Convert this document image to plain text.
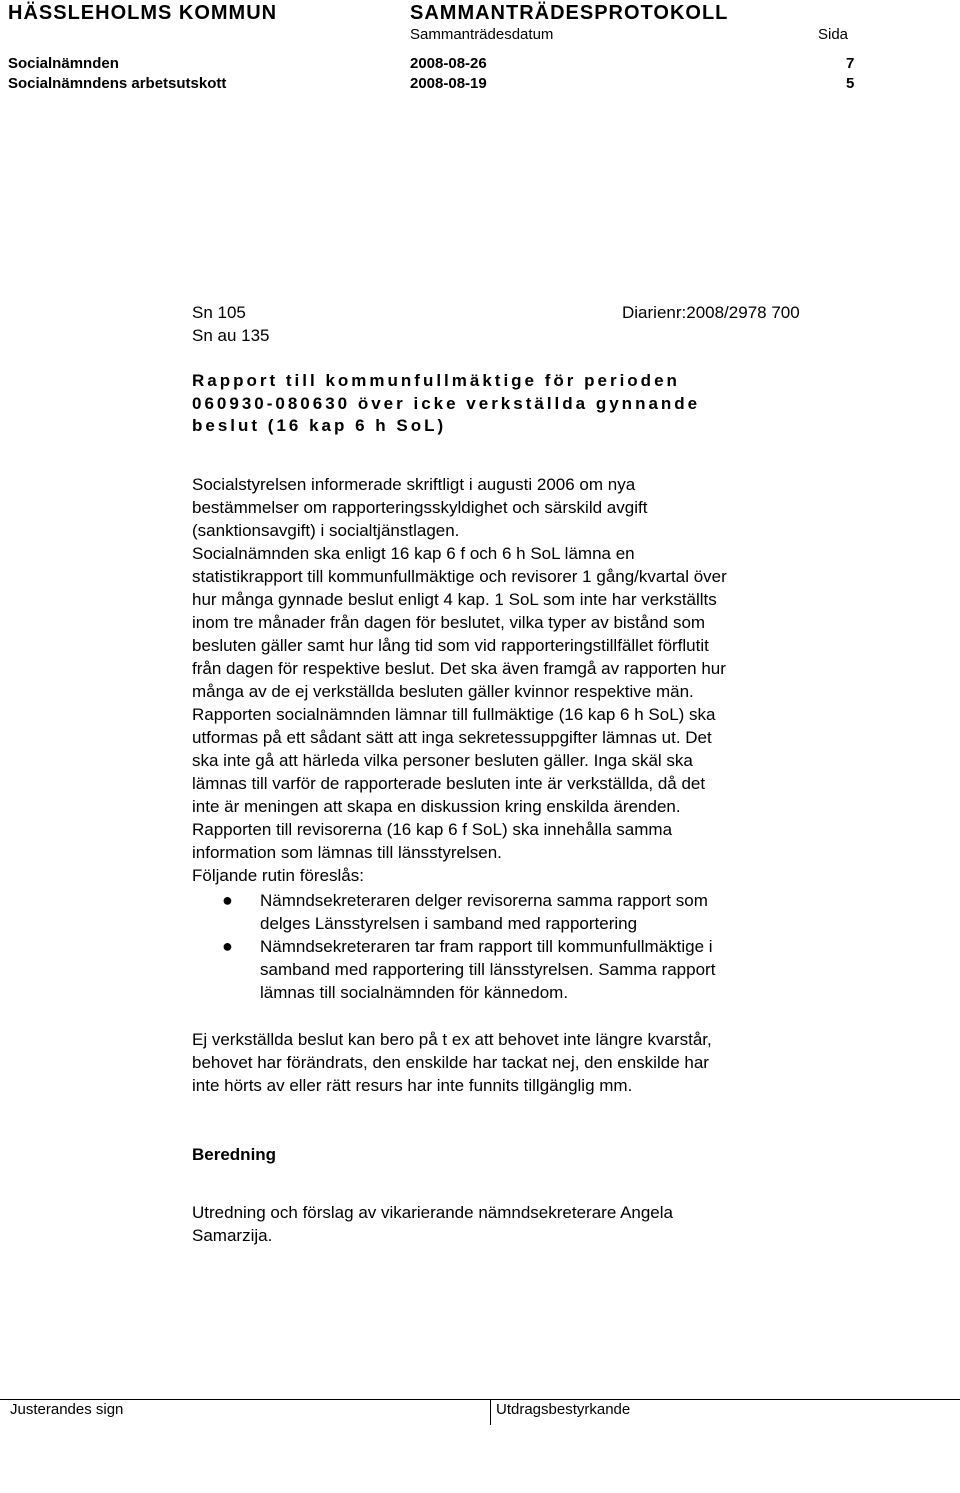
HÄSSLEHOLMS KOMMUN	SAMMANTRÄDESPROTOKOLL
Sammanträdesdatum	Sida
Socialnämnden	2008-08-26	7
Socialnämndens arbetsutskott	2008-08-19	5
Sn 105
Sn au 135
Diarienr:2008/2978 700
Rapport till kommunfullmäktige för perioden
060930-080630 över icke verkställda gynnande
beslut (16 kap 6 h SoL)
Socialstyrelsen informerade skriftligt i augusti 2006 om nya
bestämmelser om rapporteringsskyldighet och särskild avgift
(sanktionsavgift) i socialtjänstlagen.
Socialnämnden ska enligt 16 kap 6 f och 6 h SoL lämna en
statistikrapport till kommunfullmäktige och revisorer 1 gång/kvartal över
hur många gynnade beslut enligt 4 kap. 1 SoL som inte har verkställts
inom tre månader från dagen för beslutet, vilka typer av bistånd som
besluten gäller samt hur lång tid som vid rapporteringstillfället förflutit
från dagen för respektive beslut. Det ska även framgå av rapporten hur
många av de ej verkställda besluten gäller kvinnor respektive män.
Rapporten socialnämnden lämnar till fullmäktige (16 kap 6 h SoL) ska
utformas på ett sådant sätt att inga sekretessuppgifter lämnas ut. Det
ska inte gå att härleda vilka personer besluten gäller. Inga skäl ska
lämnas till varför de rapporterade besluten inte är verkställda, då det
inte är meningen att skapa en diskussion kring enskilda ärenden.
Rapporten till revisorerna (16 kap 6 f SoL) ska innehålla samma
information som lämnas till länsstyrelsen.
Följande rutin föreslås:
●	Nämndsekreteraren delger revisorerna samma rapport som
delges Länsstyrelsen i samband med rapportering
●	Nämndsekreteraren tar fram rapport till kommunfullmäktige i
samband med rapportering till länsstyrelsen. Samma rapport
lämnas till socialnämnden för kännedom.
Ej verkställda beslut kan bero på t ex att behovet inte längre kvarstår,
behovet har förändrats, den enskilde har tackat nej, den enskilde har
inte hörts av eller rätt resurs har inte funnits tillgänglig mm.
Beredning
Utredning och förslag av vikarierande nämndsekreterare Angela
Samarzija.
Justerandes sign	Utdragsbestyrkande
